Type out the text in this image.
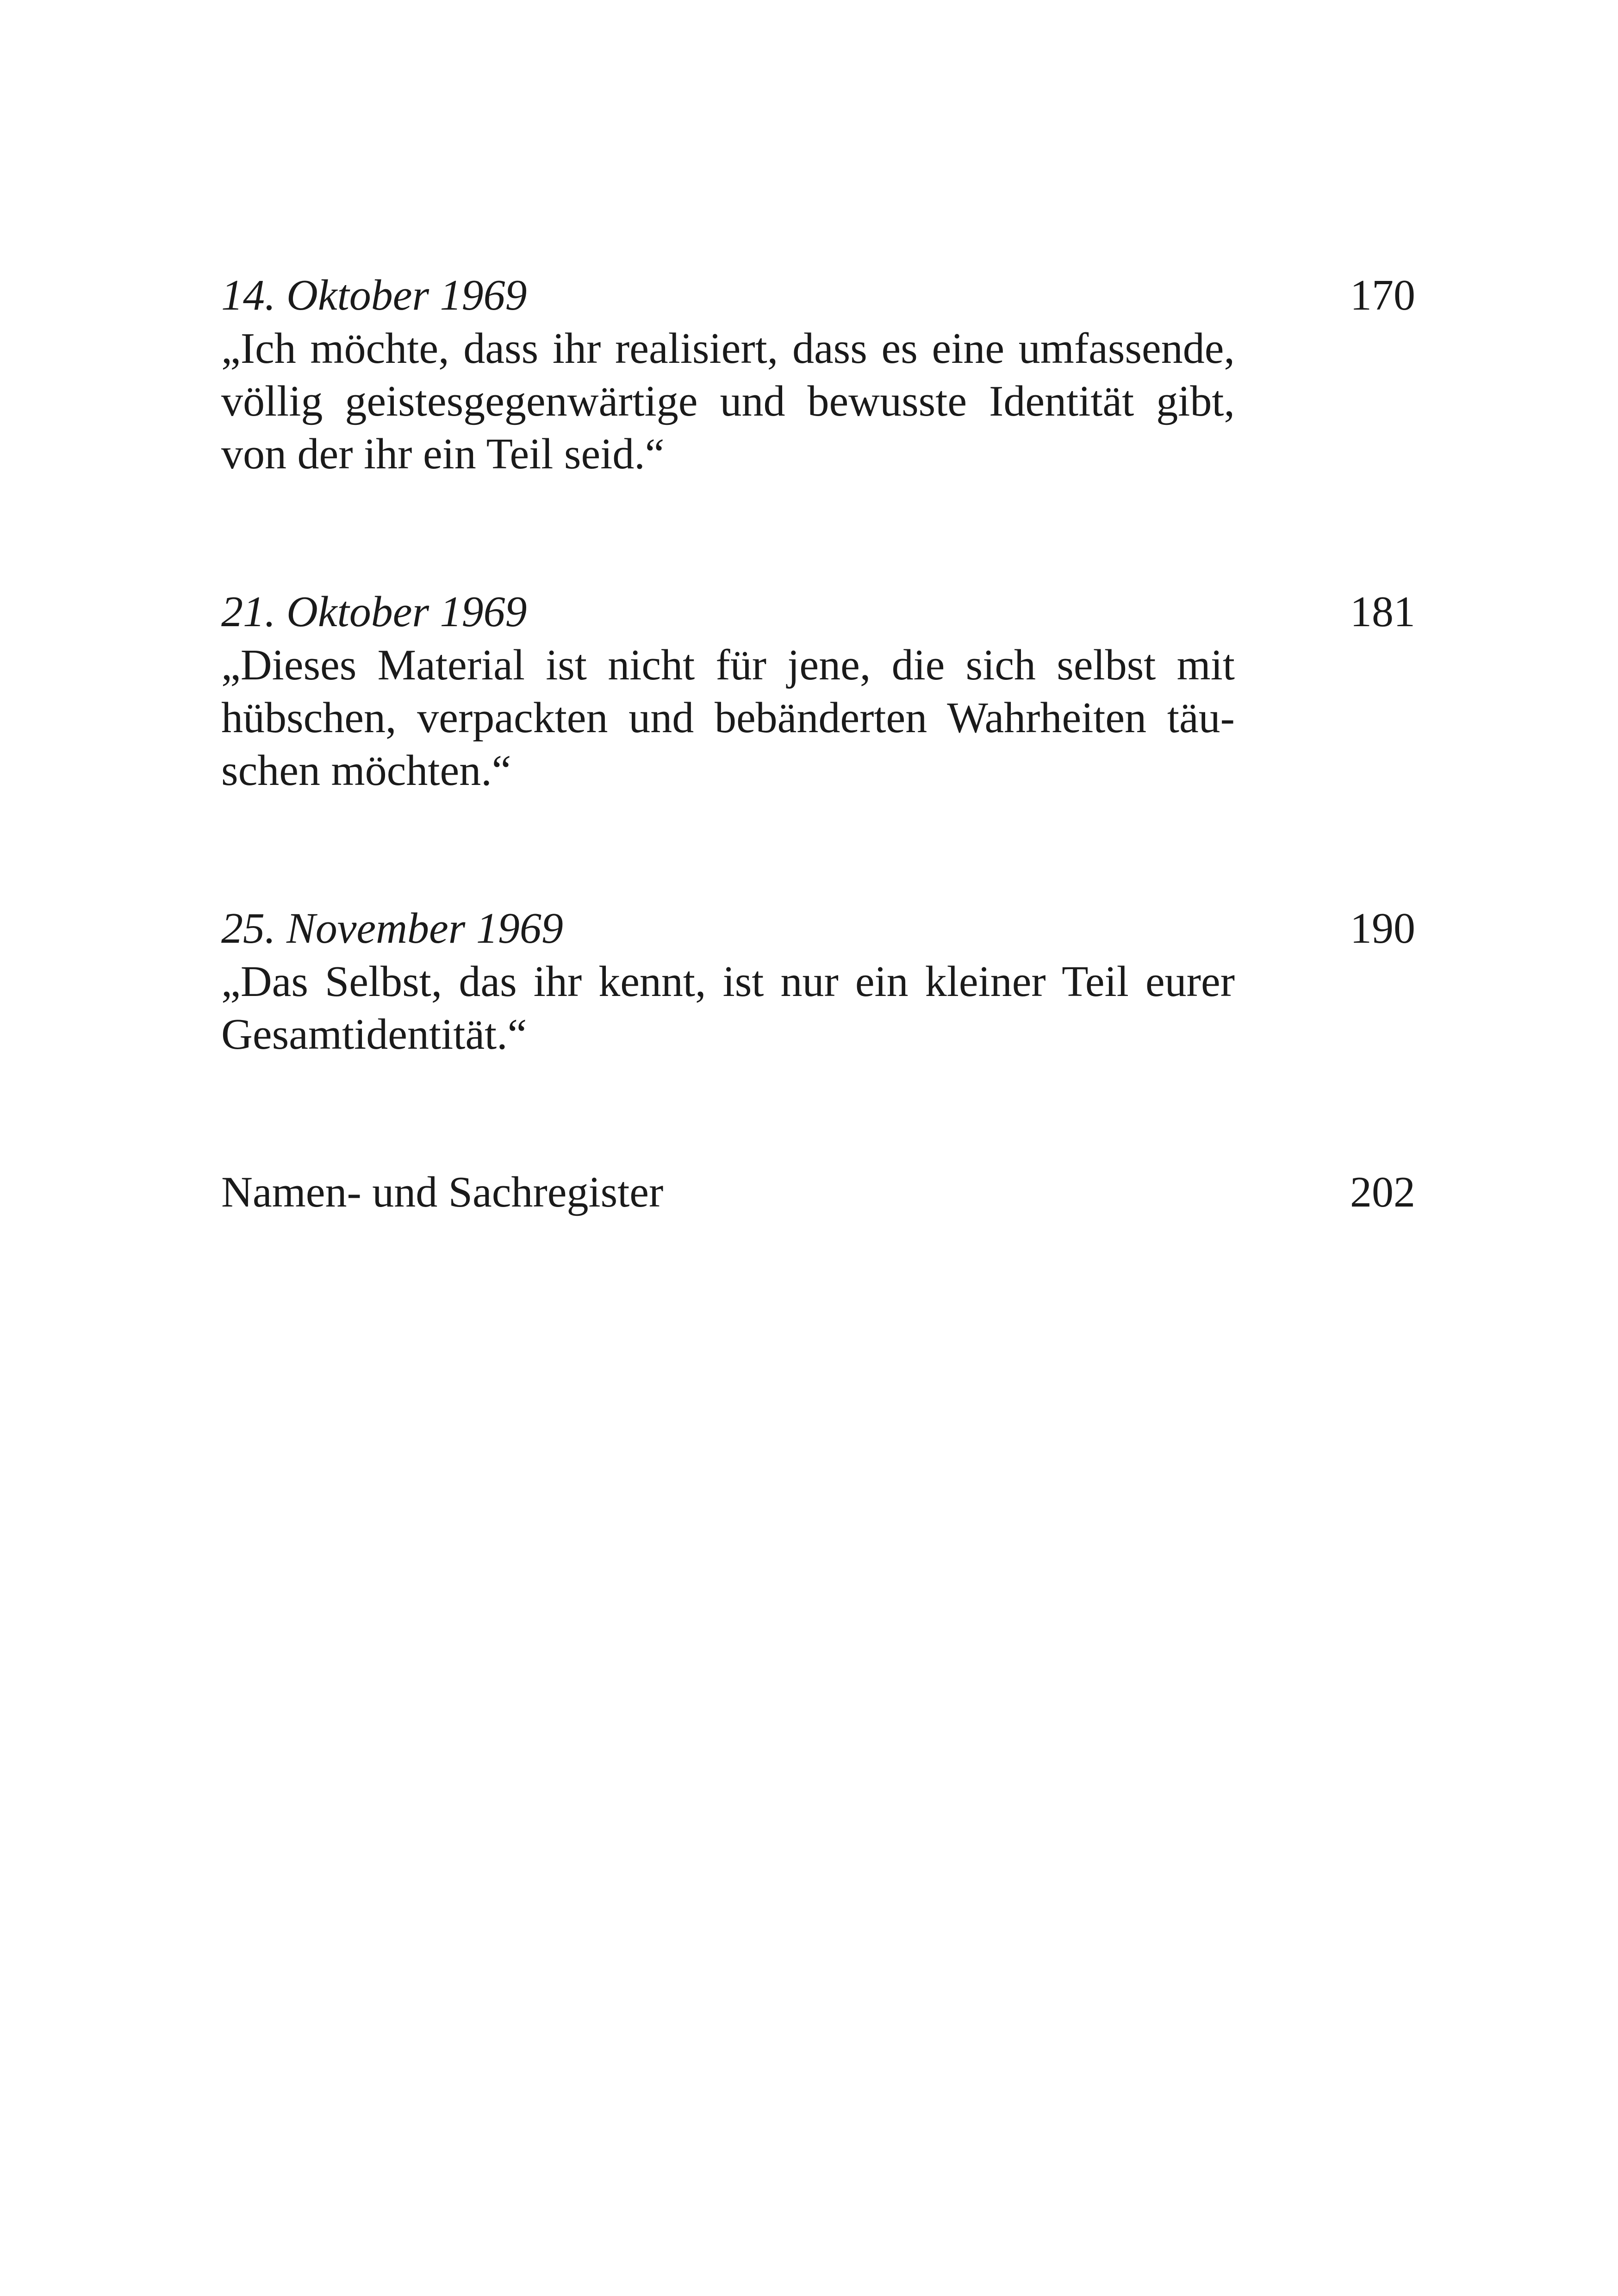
14. Oktober 1969	170

„Ich möchte, dass ihr realisiert, dass es eine umfassende,
völlig geistesgegenwärtige und bewusste Identität gibt,
von der ihr ein Teil seid.“

21. Oktober 1969	181

„Dieses Material ist nicht für jene, die sich selbst mit
hübschen, verpackten und bebänderten Wahrheiten täu-
schen möchten.“

25. November 1969	190

„Das Selbst, das ihr kennt, ist nur ein kleiner Teil eurer
Gesamtidentität.“

Namen- und Sachregister	202
